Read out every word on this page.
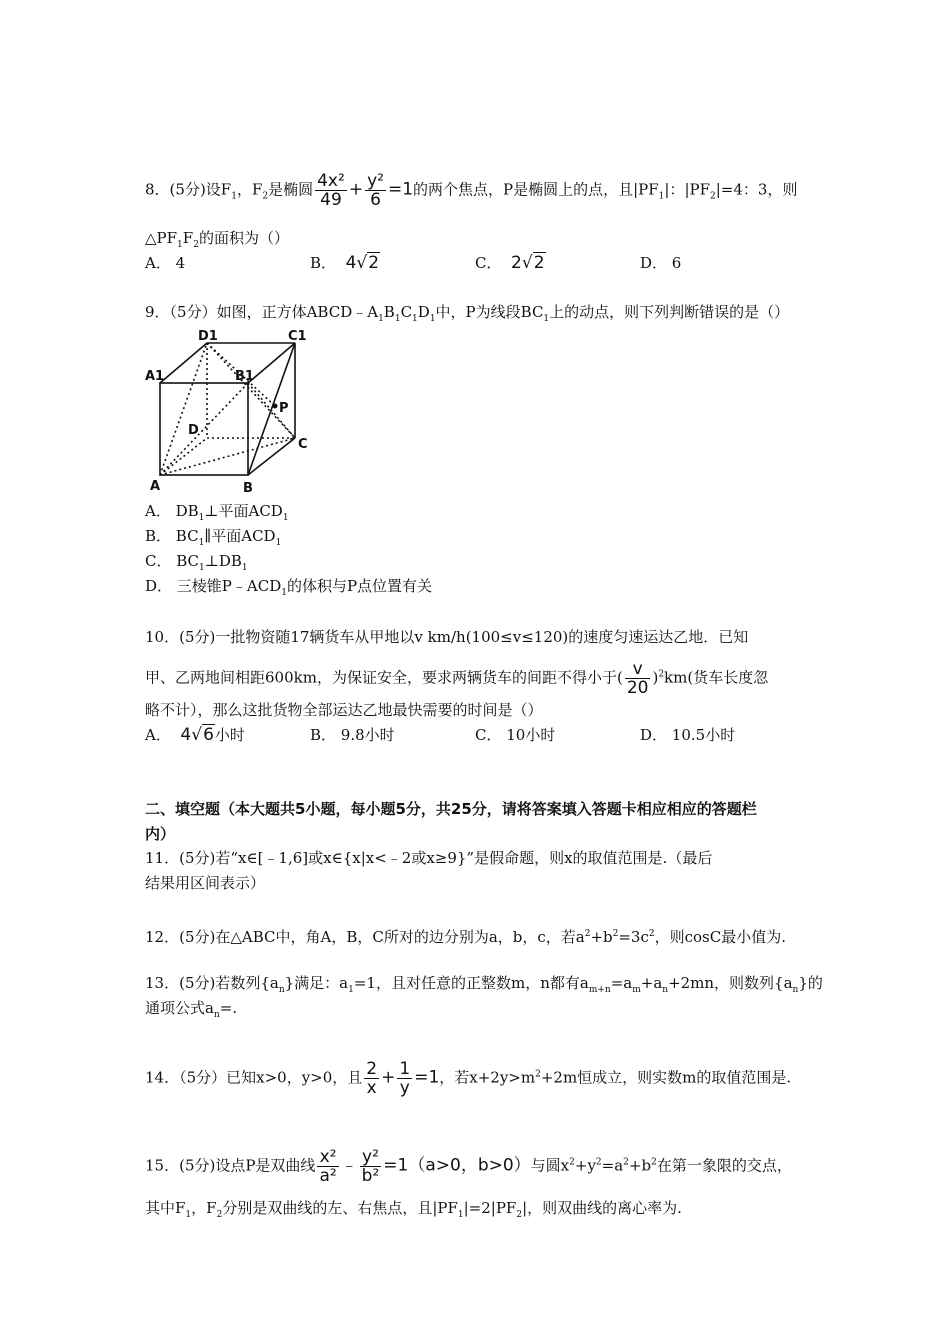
8．(5分)设$F_1$，$F_2$是椭圆 $\frac{\text{4x²}}{49} + \frac{\text{y²}}{6} =1$的两个焦点，P是椭圆上的点，且$|PF_1|$：$|PF_2|=4$：3，则
$\triangle PF_1F_2$的面积为（）
A． 4	B． 4√2	C． 2√2	D． 6
9．（5分）如图，正方体$ABCD﹣A_1B_1C_1D_1$中，P为线段$BC_1$上的动点，则下列判断错误的是（）
D1	C1
A1	B1
P
D
C
A	B
A． $DB_1\perp$平面$ACD_1$
B． $BC_1\parallel$平面$ACD_1$
C． $BC_1\perp DB_1$
D． 三棱锥$P﹣ACD_1$的体积与P点位置有关
10．(5分)一批物资随17辆货车从甲地以v km/h(100≤v≤120)的速度匀速运达乙地．已知
甲、乙两地间相距600km，为保证安全，要求两辆货车的间距不得小于( $\frac{v}{20} )^2km$(货车长度忽
略不计），那么这批货物全部运达乙地最快需要的时间是（）
A． 4√6小时	B． 9.8小时	C． 10小时	D． 10.5小时
二、填空题（本大题共5小题，每小题5分，共25分，请将答案填入答题卡相应相应的答题栏
内）
11．(5分)若“x∈[﹣1,6]或x∈{x|x<﹣2或x≥9}”是假命题，则x的取值范围是.（最后
结果用区间表示）
12．(5分)在△ABC中，角A，B，C所对的边分别为a，b，c，若$a^2+b^2=3c^2$，则cosC最小值为.
13．(5分)若数列$\{a_n\}$满足：$a_1=1$，且对任意的正整数m，n都有$a_{m+n}=a_m+a_n+2mn$，则数列$\{a_n\}$的
通项公式$a_n=$.
14．（5分）已知x>0，y>0，且 $\frac{2}{x} + \frac{1}{y} =1$，若$x+2y>m^2+2m$恒成立，则实数m的取值范围是.
15．(5分)设点P是双曲线 $\frac{\text{x²}}{\text{a²}}$ ﹣ $\frac{\text{y²}}{\text{b²}} =1(a>0$，b>0）与圆$x^2+y^2=a^2+b^2$在第一象限的交点，
其中$F_1$，$F_2$分别是双曲线的左、右焦点，且$|PF_1|=2|PF_2|$，则双曲线的离心率为.
